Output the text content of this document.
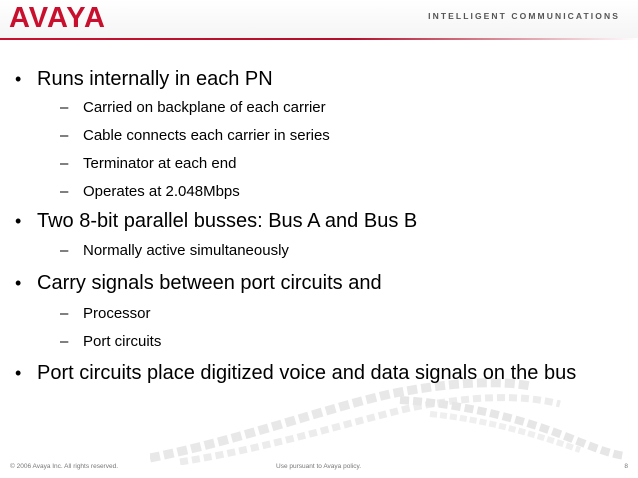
AVAYA	INTELLIGENT COMMUNICATIONS
• Runs internally in each PN
– Carried on backplane of each carrier
– Cable connects each carrier in series
– Terminator at each end
– Operates at 2.048Mbps
• Two 8-bit parallel busses: Bus A and Bus B
– Normally active simultaneously
• Carry signals between port circuits and
– Processor
– Port circuits
• Port circuits place digitized voice and data signals on the bus
© 2006 Avaya Inc. All rights reserved.	Use pursuant to Avaya policy.	8
